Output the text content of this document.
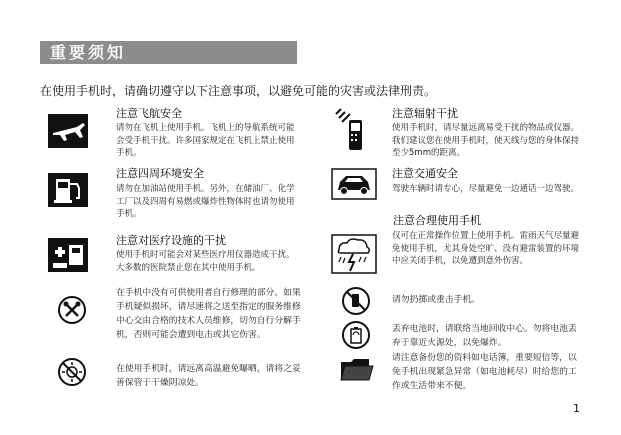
重要须知
在使用手机时，请确切遵守以下注意事项，以避免可能的灾害或法律刑责。
注意飞航安全
请勿在飞机上使用手机。飞机上的导航系统可能会受手机干扰。许多国家规定在飞机上禁止使用手机。
注意四周环境安全
请勿在加油站使用手机。另外，在储油厂、化学工厂以及四周有易燃或爆炸性物体时也请勿使用手机。
注意对医疗设施的干扰
使用手机时可能会对某些医疗用仪器造成干扰。大多数的医院禁止您在其中使用手机。
在手机中没有可供使用者自行修理的部分。如果手机疑似损坏，请尽速将之送至指定的服务维修中心交由合格的技术人员维修，切勿自行分解手机，否则可能会遭到电击或其它伤害。
在使用手机时，请远离高温避免曝晒，请将之妥善保管于干燥阴凉处。
注意辐射干扰
使用手机时，请尽量远离易受干扰的物品或仪器。我们建议您在使用手机时，使天线与您的身体保持至少5mm的距离。
注意交通安全
驾驶车辆时请专心，尽量避免一边通话一边驾驶。
注意合理使用手机
仅可在正常操作位置上使用手机。雷雨天气尽量避免使用手机，尤其身处空旷、没有避雷装置的环境中应关闭手机，以免遭到意外伤害。
请勿扔掷或重击手机。
丢弃电池时，请联络当地回收中心。勿将电池丢弃于靠近火源处，以免爆炸。
请注意备份您的资料如电话簿，重要短信等，以免手机出现紧急异常（如电池耗尽）时给您的工作或生活带来不便。
1
